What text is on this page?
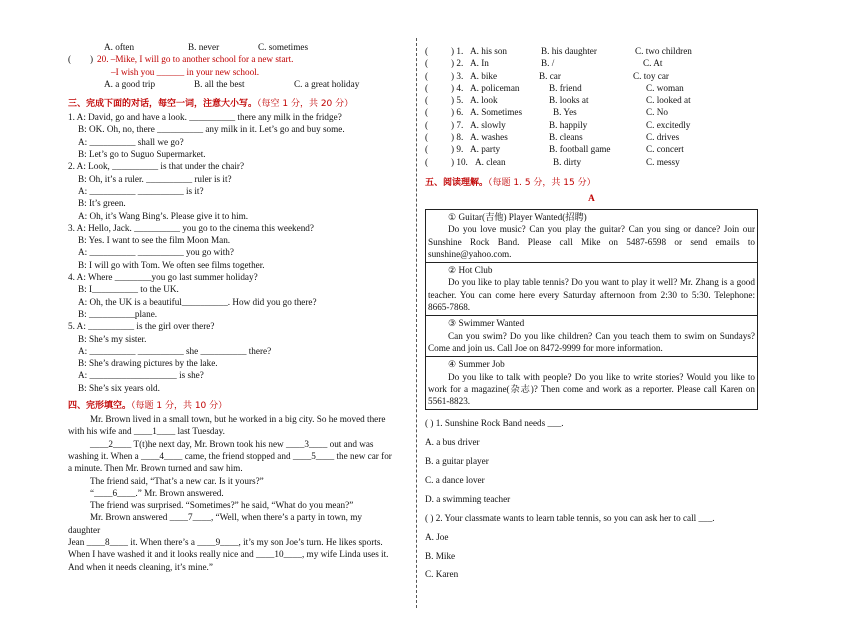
A. often	B. never	C. sometimes
( ) 20. –Mike, I will go to another school for a new start.
–I wish you ______ in your new school.
A. a good trip	B. all the best	C. a great holiday
三、完成下面的对话，每空一词，注意大小写。（每空 1 分，共 20 分）
1. A: David, go and have a look. __________ there any milk in the fridge?
B: OK. Oh, no, there __________ any milk in it. Let’s go and buy some.
A: __________ shall we go?
B: Let’s go to Suguo Supermarket.
2. A: Look, __________ is that under the chair?
B: Oh, it’s a ruler. __________ ruler is it?
A: __________ __________ is it?
B: It’s green.
A: Oh, it’s Wang Bing’s. Please give it to him.
3. A: Hello, Jack. __________ you go to the cinema this weekend?
B: Yes. I want to see the film Moon Man.
A: __________ __________ you go with?
B: I will go with Tom. We often see films together.
4. A: Where ________you go last summer holiday?
B: I__________ to the UK.
A: Oh, the UK is a beautiful__________. How did you go there?
B: __________plane.
5. A: __________ is the girl over there?
B: She’s my sister.
A: __________ __________ she __________ there?
B: She’s drawing pictures by the lake.
A: ___________________ is she?
B: She’s six years old.
四、完形填空。（每题 1 分，共 10 分）
Mr. Brown lived in a small town, but he worked in a big city. So he moved there
with his wife and ____1____ last Tuesday.
____2____ T(t)he next day, Mr. Brown took his new ____3____ out and was
washing it. When a ____4____ came, the friend stopped and ____5____ the new car for
a minute. Then Mr. Brown turned and saw him.
The friend said, “That’s a new car. Is it yours?”
“____6____.” Mr. Brown answered.
The friend was surprised. “Sometimes?” he said, “What do you mean?”
Mr. Brown answered ____7____, “Well, when there’s a party in town, my
daughter
Jean ____8____ it. When there’s a ____9____, it’s my son Joe’s turn. He likes sports.
When I have washed it and it looks really nice and ____10____, my wife Linda uses it.
And when it needs cleaning, it’s mine.”
( ) 1. A. his son	B. his daughter	C. two children
( ) 2. A. In	B. /	C. At
( ) 3. A. bike	B. car	C. toy car
( ) 4. A. policeman	B. friend	C. woman
( ) 5. A. look	B. looks at	C. looked at
( ) 6. A. Sometimes	B. Yes	C. No
( ) 7. A. slowly	B. happily	C. excitedly
( ) 8. A. washes	B. cleans	C. drives
( ) 9. A. party	B. football game	C. concert
( ) 10. A. clean	B. dirty	C. messy
五、阅读理解。（每题 1. 5 分，共 15 分）
A
① Guitar(吉他) Player Wanted(招聘)
Do you love music? Can you play the guitar? Can you sing or dance? Join our Sunshine Rock Band. Please call Mike on 5487-6598 or send emails to sunshine@yahoo.com.
② Hot Club
Do you like to play table tennis? Do you want to play it well? Mr. Zhang is a good teacher. You can come here every Saturday afternoon from 2:30 to 5:30. Telephone: 8665-7868.
③ Swimmer Wanted
Can you swim? Do you like children? Can you teach them to swim on Sundays? Come and join us. Call Joe on 8472-9999 for more information.
④ Summer Job
Do you like to talk with people? Do you like to write stories? Would you like to work for a magazine(杂志)? Then come and work as a reporter. Please call Karen on 5561-8823.
( ) 1. Sunshine Rock Band needs ___.
A. a bus driver
B. a guitar player
C. a dance lover
D. a swimming teacher
( ) 2. Your classmate wants to learn table tennis, so you can ask her to call ___.
A. Joe
B. Mike
C. Karen
